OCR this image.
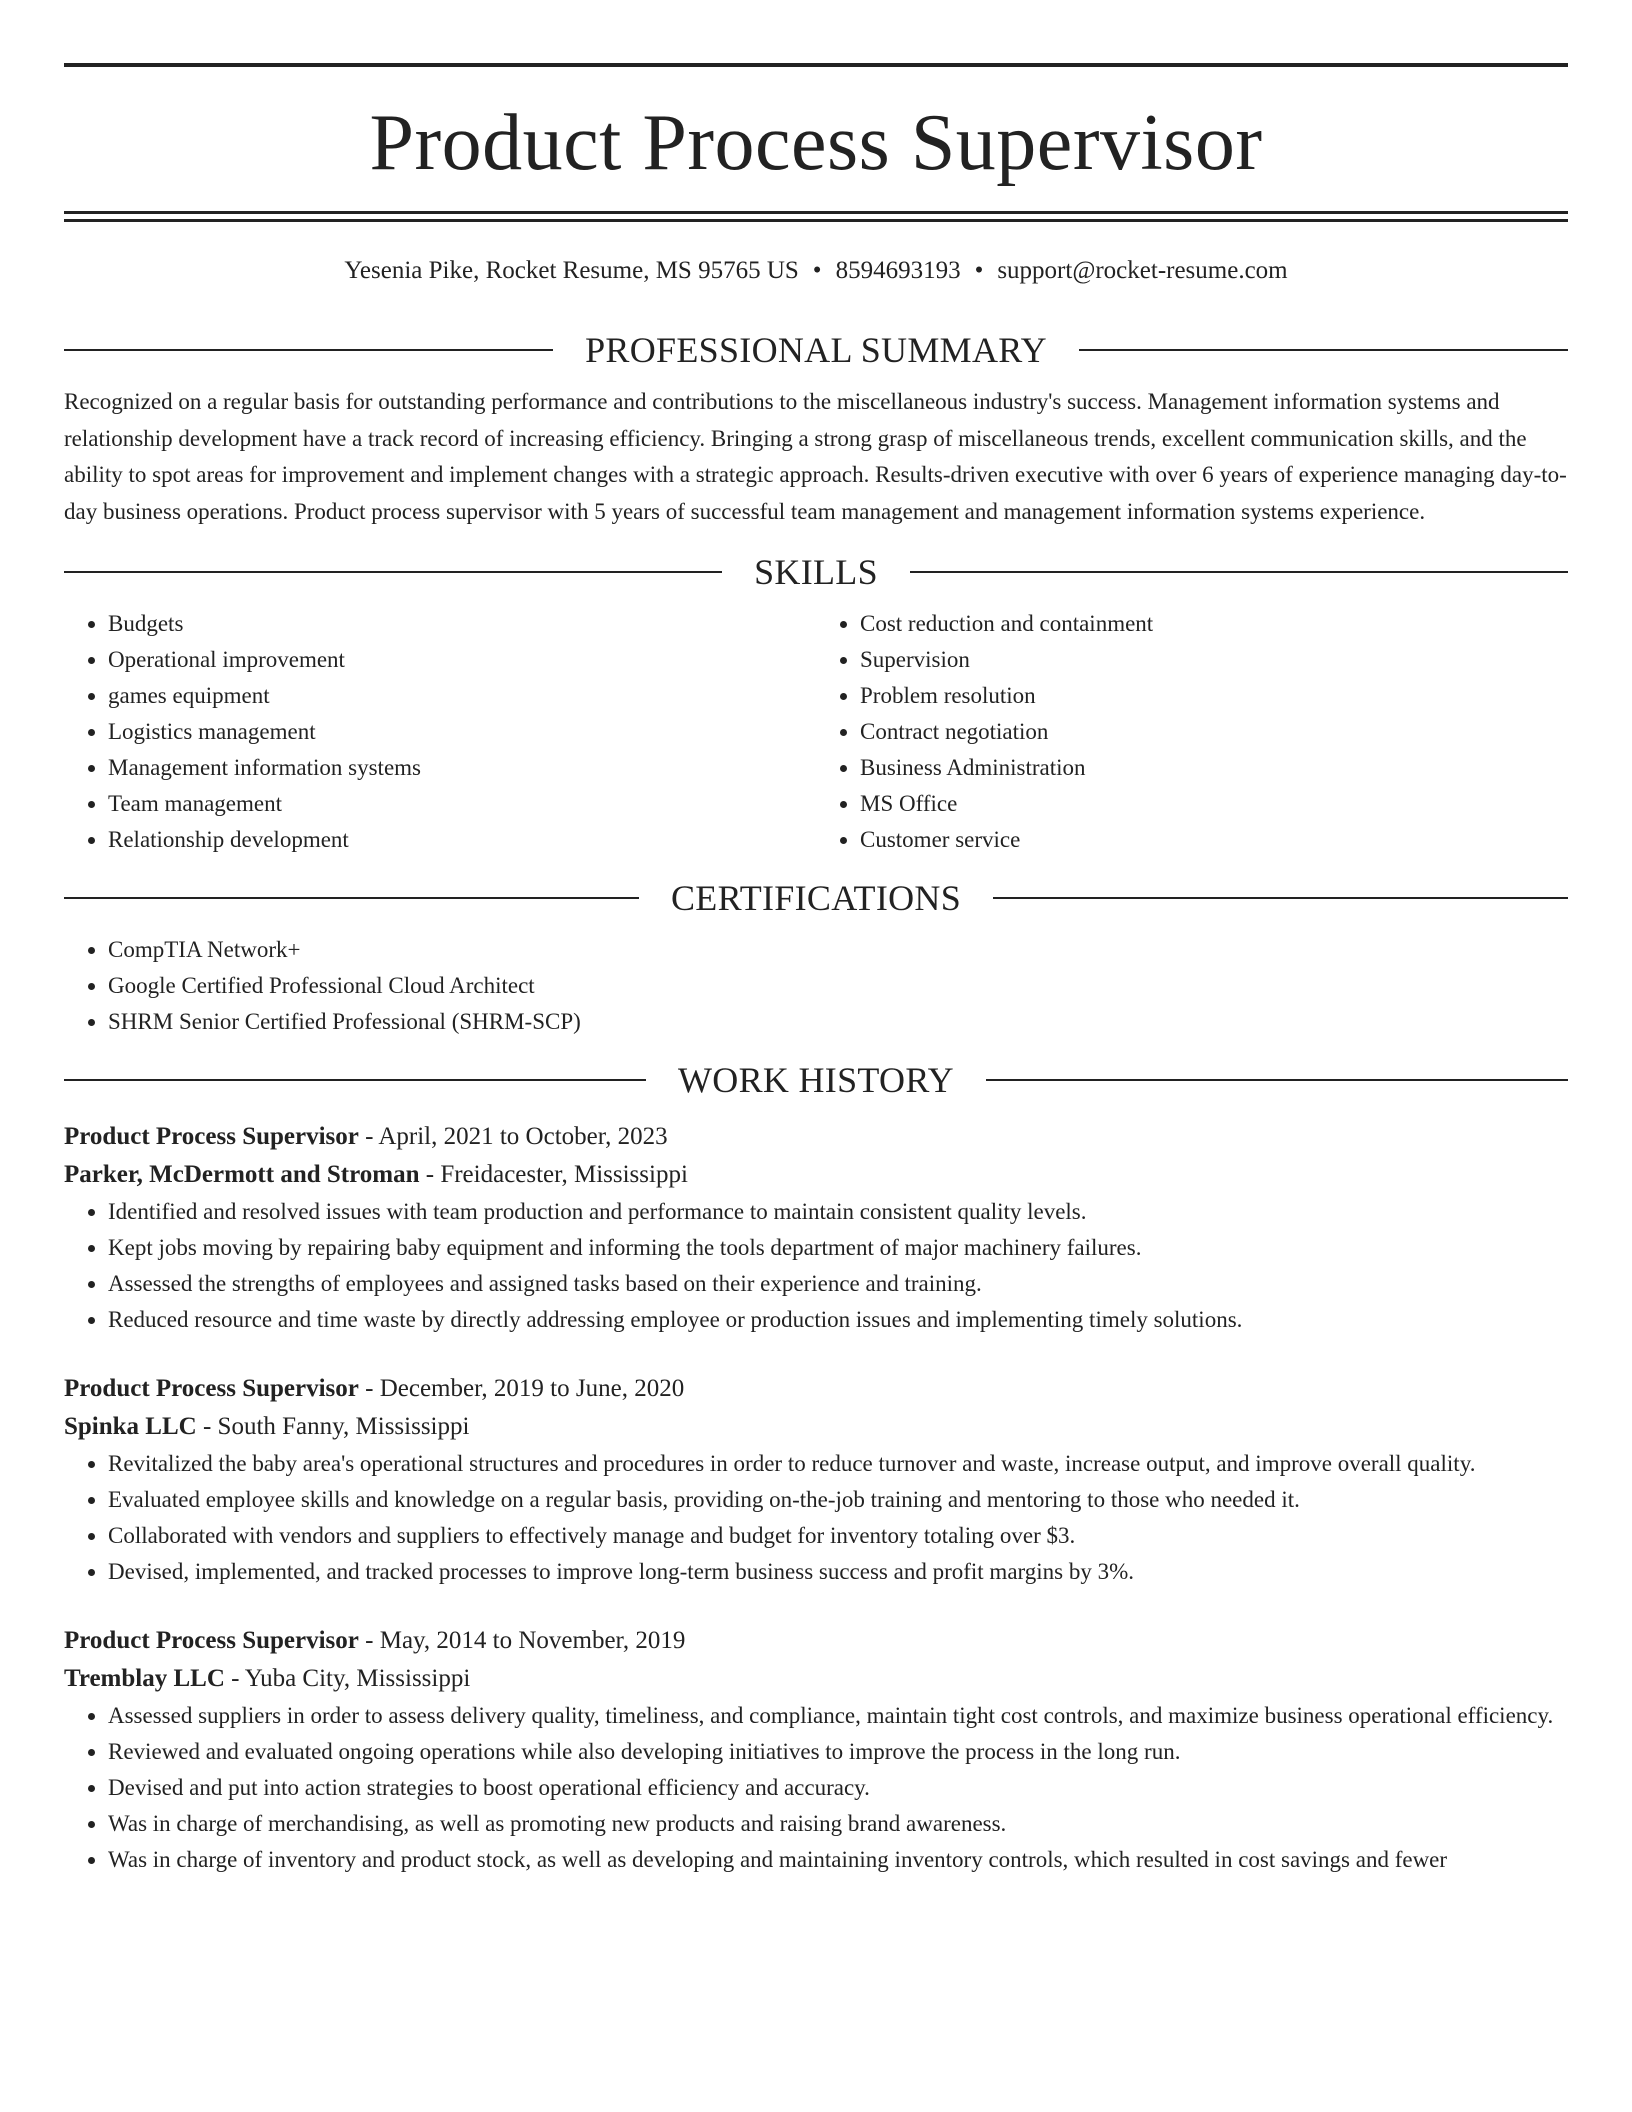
Product Process Supervisor
Yesenia Pike, Rocket Resume, MS 95765 US • 8594693193 • support@rocket-resume.com
PROFESSIONAL SUMMARY

Recognized on a regular basis for outstanding performance and contributions to the miscellaneous industry's success. Management information systems and relationship development have a track record of increasing efficiency. Bringing a strong grasp of miscellaneous trends, excellent communication skills, and the ability to spot areas for improvement and implement changes with a strategic approach. Results-driven executive with over 6 years of experience managing day-to-day business operations. Product process supervisor with 5 years of successful team management and management information systems experience.

SKILLS
• Budgets
• Operational improvement
• games equipment
• Logistics management
• Management information systems
• Team management
• Relationship development
• Cost reduction and containment
• Supervision
• Problem resolution
• Contract negotiation
• Business Administration
• MS Office
• Customer service
CERTIFICATIONS
• CompTIA Network+
• Google Certified Professional Cloud Architect
• SHRM Senior Certified Professional (SHRM-SCP)
WORK HISTORY
Product Process Supervisor - April, 2021 to October, 2023
Parker, McDermott and Stroman - Freidacester, Mississippi
• Identified and resolved issues with team production and performance to maintain consistent quality levels.
• Kept jobs moving by repairing baby equipment and informing the tools department of major machinery failures.
• Assessed the strengths of employees and assigned tasks based on their experience and training.
• Reduced resource and time waste by directly addressing employee or production issues and implementing timely solutions.
Product Process Supervisor - December, 2019 to June, 2020
Spinka LLC - South Fanny, Mississippi
• Revitalized the baby area's operational structures and procedures in order to reduce turnover and waste, increase output, and improve overall quality.
• Evaluated employee skills and knowledge on a regular basis, providing on-the-job training and mentoring to those who needed it.
• Collaborated with vendors and suppliers to effectively manage and budget for inventory totaling over $3.
• Devised, implemented, and tracked processes to improve long-term business success and profit margins by 3%.
Product Process Supervisor - May, 2014 to November, 2019
Tremblay LLC - Yuba City, Mississippi
• Assessed suppliers in order to assess delivery quality, timeliness, and compliance, maintain tight cost controls, and maximize business operational efficiency.
• Reviewed and evaluated ongoing operations while also developing initiatives to improve the process in the long run.
• Devised and put into action strategies to boost operational efficiency and accuracy.
• Was in charge of merchandising, as well as promoting new products and raising brand awareness.
• Was in charge of inventory and product stock, as well as developing and maintaining inventory controls, which resulted in cost savings and fewer
